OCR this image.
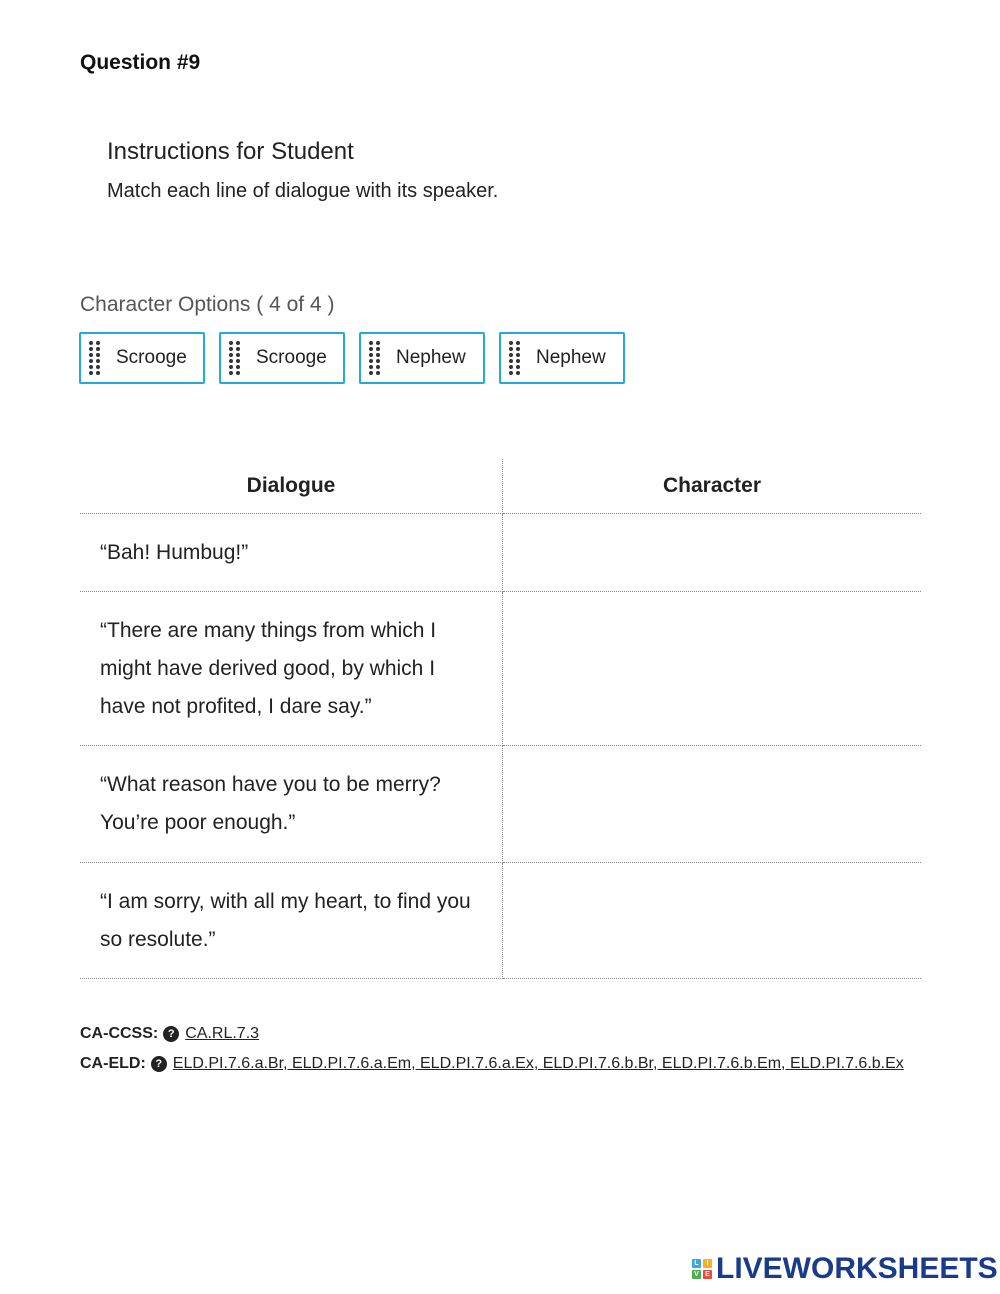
Question #9
Instructions for Student
Match each line of dialogue with its speaker.
Character Options ( 4 of 4 )
Scrooge	Scrooge	Nephew	Nephew
Dialogue	Character
“Bah! Humbug!”	
“There are many things from which I might have derived good, by which I have not profited, I dare say.”	
“What reason have you to be merry? You’re poor enough.”	
“I am sorry, with all my heart, to find you so resolute.”	
CA-CCSS: ? CA.RL.7.3
CA-ELD: ? ELD.PI.7.6.a.Br, ELD.PI.7.6.a.Em, ELD.PI.7.6.a.Ex, ELD.PI.7.6.b.Br, ELD.PI.7.6.b.Em, ELD.PI.7.6.b.Ex
L	I
V E LIVEWORKSHEETS
